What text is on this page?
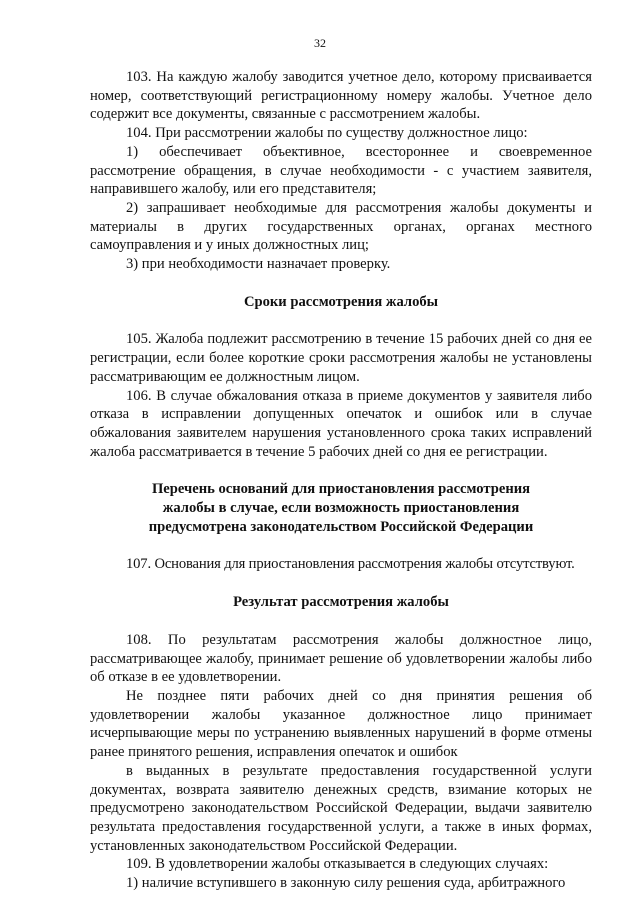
32

103. На каждую жалобу заводится учетное дело, которому присваивается номер, соответствующий регистрационному номеру жалобы. Учетное дело содержит все документы, связанные с рассмотрением жалобы.

104. При рассмотрении жалобы по существу должностное лицо:

1) обеспечивает объективное, всестороннее и своевременное рассмотрение обращения, в случае необходимости - с участием заявителя, направившего жалобу, или его представителя;

2) запрашивает необходимые для рассмотрения жалобы документы и материалы в других государственных органах, органах местного самоуправления и у иных должностных лиц;

3) при необходимости назначает проверку.

Сроки рассмотрения жалобы

105. Жалоба подлежит рассмотрению в течение 15 рабочих дней со дня ее регистрации, если более короткие сроки рассмотрения жалобы не установлены рассматривающим ее должностным лицом.

106. В случае обжалования отказа в приеме документов у заявителя либо отказа в исправлении допущенных опечаток и ошибок или в случае обжалования заявителем нарушения установленного срока таких исправлений жалоба рассматривается в течение 5 рабочих дней со дня ее регистрации.

Перечень оснований для приостановления рассмотрения
жалобы в случае, если возможность приостановления
предусмотрена законодательством Российской Федерации

107. Основания для приостановления рассмотрения жалобы отсутствуют.

Результат рассмотрения жалобы

108. По результатам рассмотрения жалобы должностное лицо, рассматривающее жалобу, принимает решение об удовлетворении жалобы либо об отказе в ее удовлетворении.

Не позднее пяти рабочих дней со дня принятия решения об удовлетворении жалобы указанное должностное лицо принимает исчерпывающие меры по устранению выявленных нарушений в форме отмены ранее принятого решения, исправления опечаток и ошибок

в выданных в результате предоставления государственной услуги документах, возврата заявителю денежных средств, взимание которых не предусмотрено законодательством Российской Федерации, выдачи заявителю результата предоставления государственной услуги, а также в иных формах, установленных законодательством Российской Федерации.

109. В удовлетворении жалобы отказывается в следующих случаях:

1) наличие вступившего в законную силу решения суда, арбитражного
